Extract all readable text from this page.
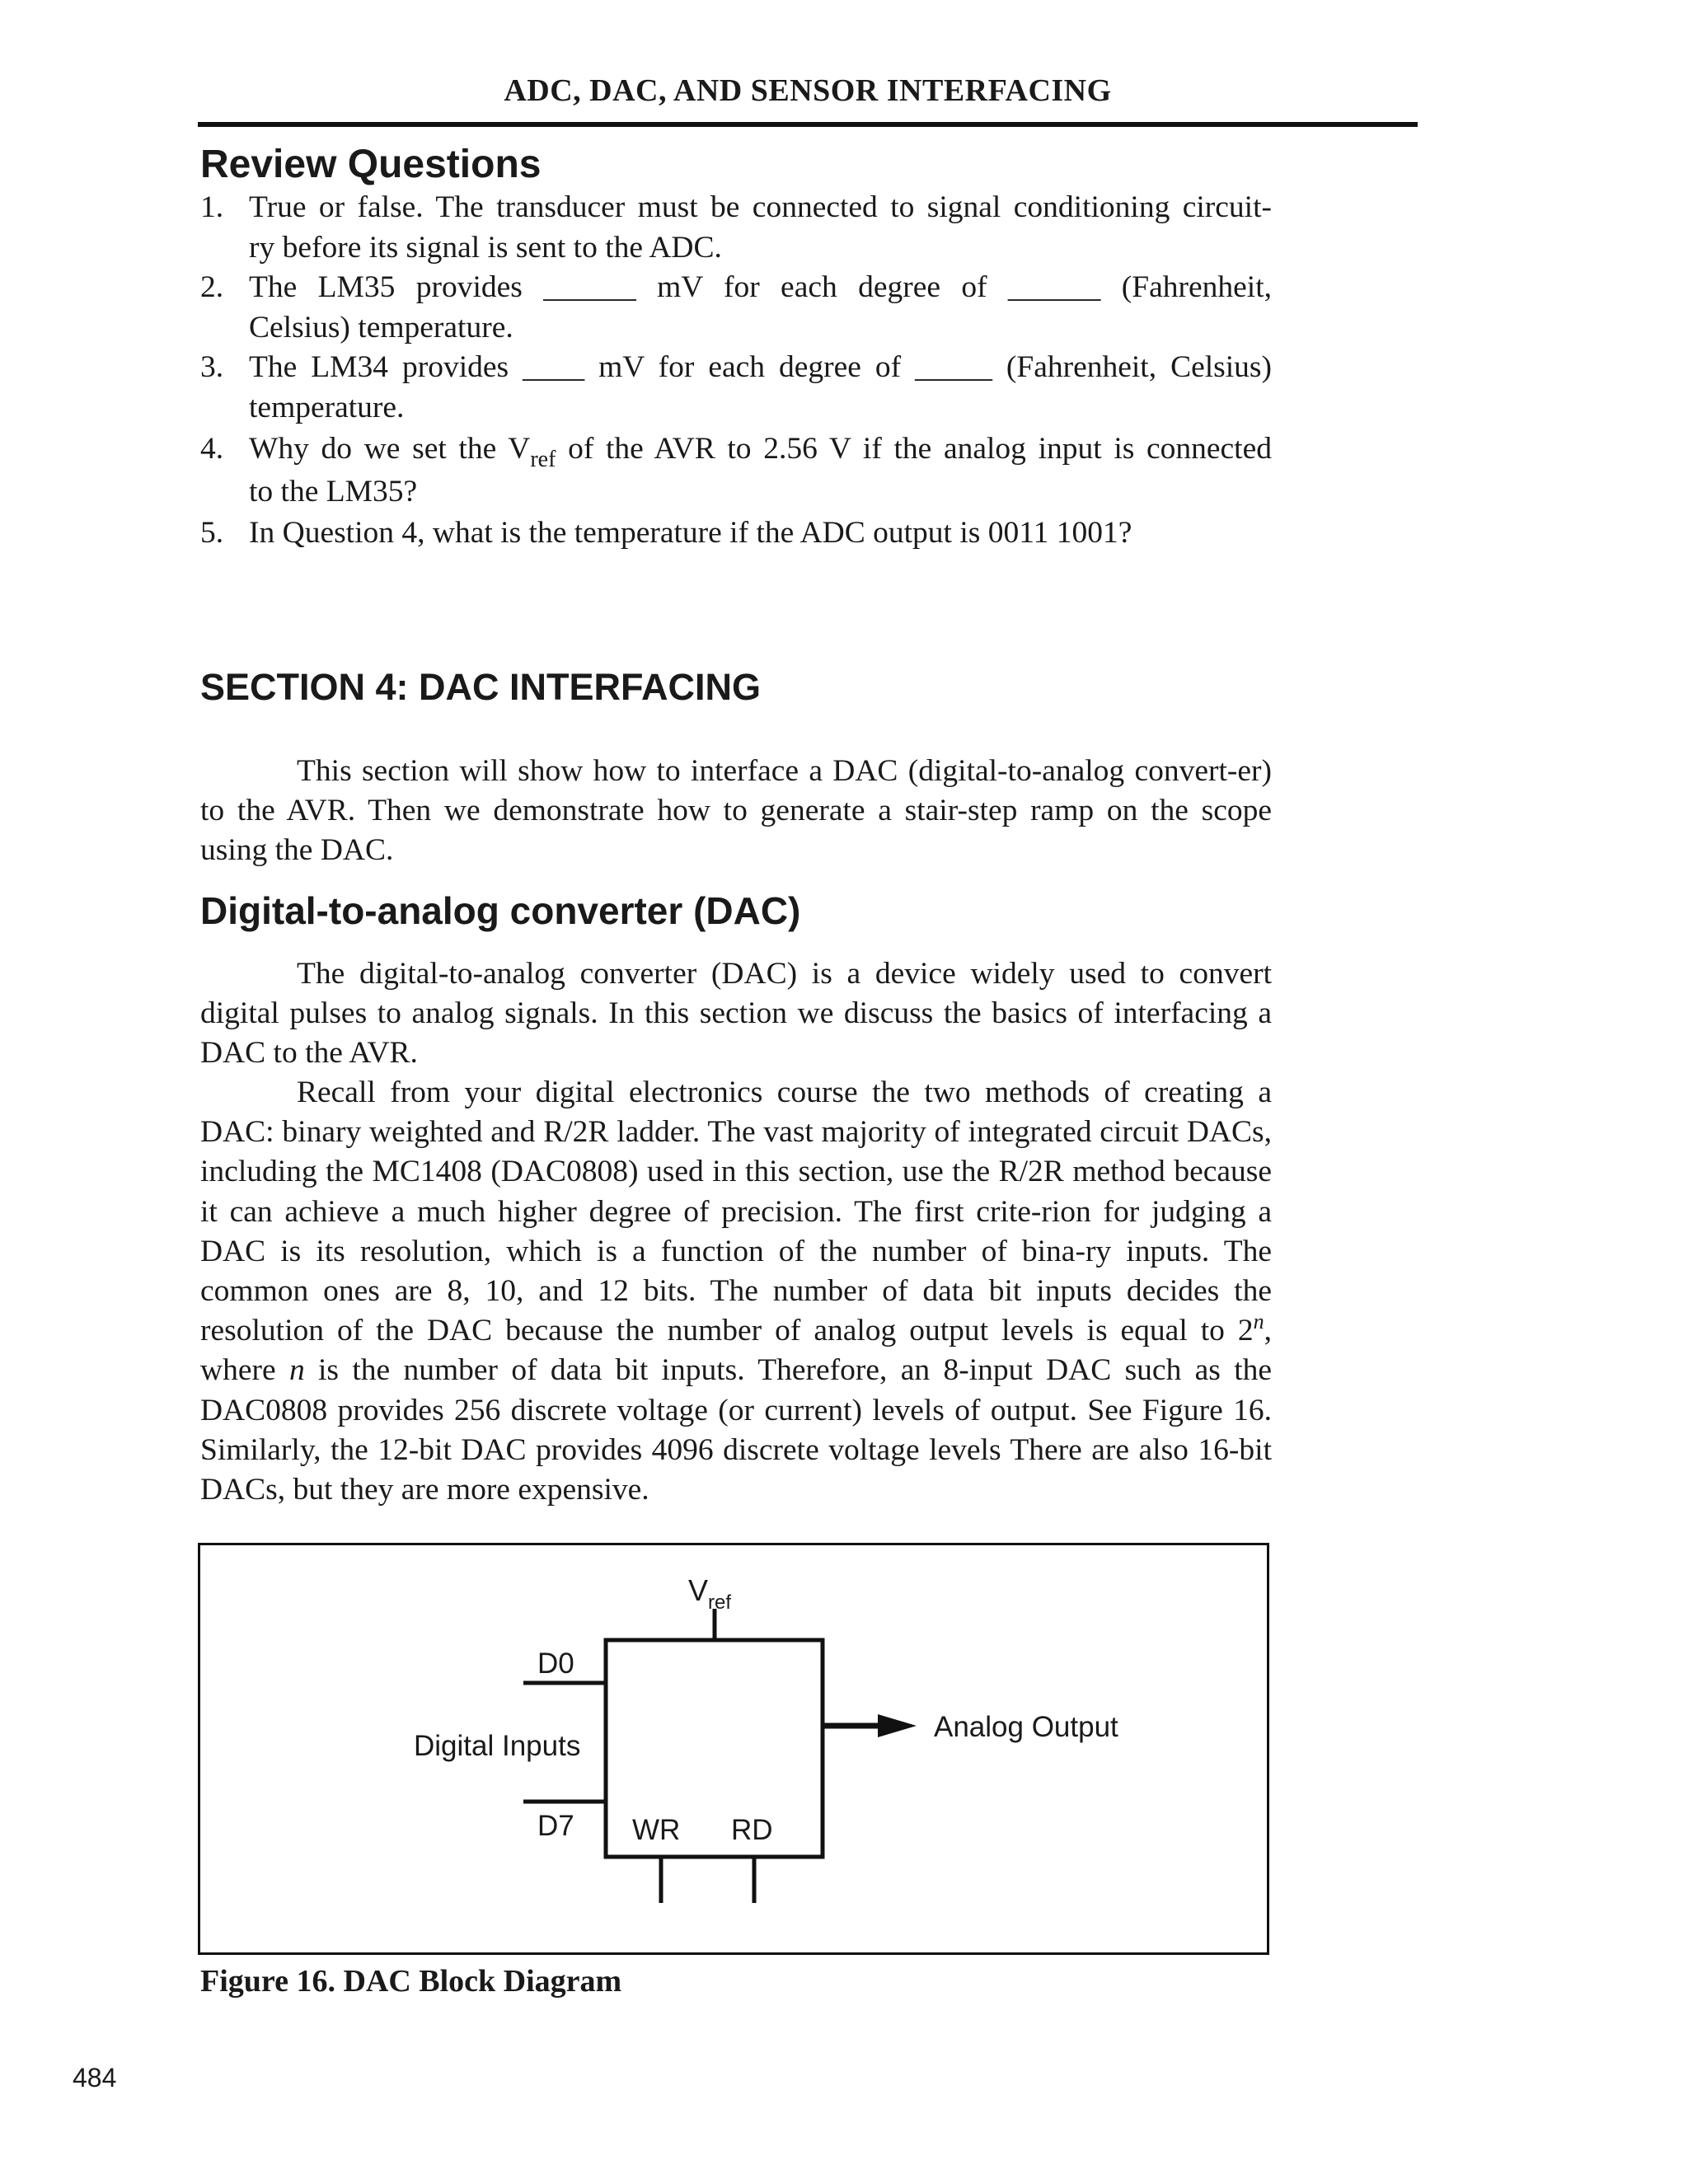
ADC, DAC, AND SENSOR INTERFACING
Review Questions
1. True or false. The transducer must be connected to signal conditioning circuit-
ry before its signal is sent to the ADC.
2. The LM35 provides ______ mV for each degree of ______ (Fahrenheit,
Celsius) temperature.
3. The LM34 provides ____ mV for each degree of _____ (Fahrenheit, Celsius)
temperature.
4. Why do we set the $V_{ref}$ of the AVR to 2.56 V if the analog input is connected
to the LM35?
5. In Question 4, what is the temperature if the ADC output is 0011 1001?
SECTION 4: DAC INTERFACING

This section will show how to interface a DAC (digital-to-analog convert-er) to the AVR. Then we demonstrate how to generate a stair-step ramp on the scope using the DAC.

Digital-to-analog converter (DAC)

The digital-to-analog converter (DAC) is a device widely used to convert digital pulses to analog signals. In this section we discuss the basics of interfacing a DAC to the AVR.

Recall from your digital electronics course the two methods of creating a DAC: binary weighted and R/2R ladder. The vast majority of integrated circuit DACs, including the MC1408 (DAC0808) used in this section, use the R/2R method because it can achieve a much higher degree of precision. The first crite-rion for judging a DAC is its resolution, which is a function of the number of bina-ry inputs. The common ones are 8, 10, and 12 bits. The number of data bit inputs decides the resolution of the DAC because the number of analog output levels is equal to 2$^n$, where n is the number of data bit inputs. Therefore, an 8-input DAC such as the DAC0808 provides 256 discrete voltage (or current) levels of output. See Figure 16. Similarly, the 12-bit DAC provides 4096 discrete voltage levels There are also 16-bit DACs, but they are more expensive.

$V_{ref}$
D0
D7
Digital Inputs
WR RD
Analog Output
Figure 16. DAC Block Diagram
484
